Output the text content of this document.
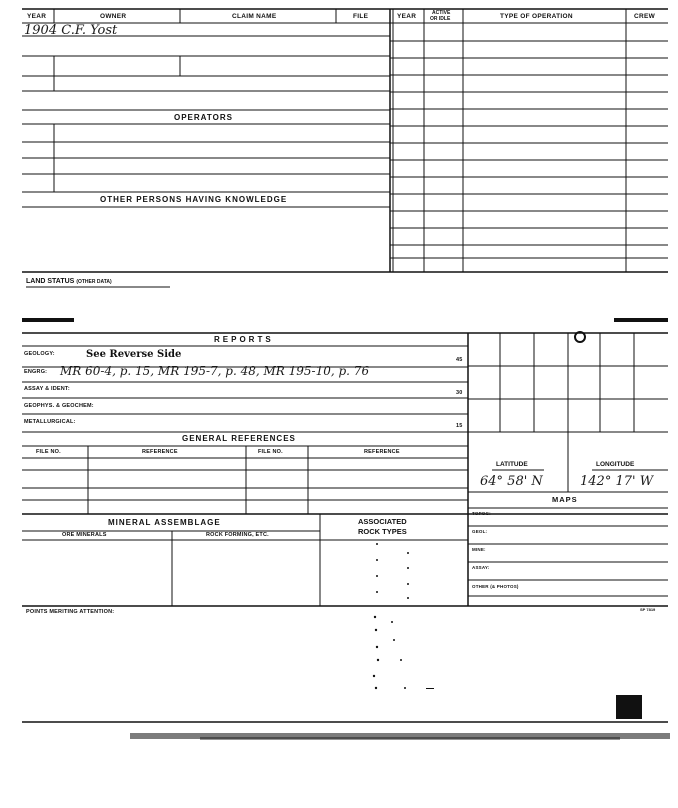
YEAR	OWNER	CLAIM NAME	FILE	YEAR	ACTIVE
OR IDLE	TYPE OF OPERATION	CREW
1904 C.F. Yost
OPERATORS
OTHER PERSONS HAVING KNOWLEDGE
LAND STATUS (OTHER DATA)
REPORTS
GEOLOGY:	See Reverse Side
ENGRG: MR 60-4, p. 15, MR 195-7, p. 48, MR 195-10, p. 76
ASSAY & IDENT:
GEOPHYS. & GEOCHEM:
METALLURGICAL:
45
30
15
GENERAL REFERENCES
FILE NO.	REFERENCE	FILE NO.	REFERENCE
LATITUDE	LONGITUDE
64° 58' N	142° 17' W
MAPS
TOPOG:
GEOL:
MINE:
ASSAY:
OTHER (& PHOTOS)
MINERAL ASSEMBLAGE
ORE MINERALS	ROCK FORMING, ETC.
ASSOCIATED
ROCK TYPES
POINTS MERITING ATTENTION:	SP 7819
